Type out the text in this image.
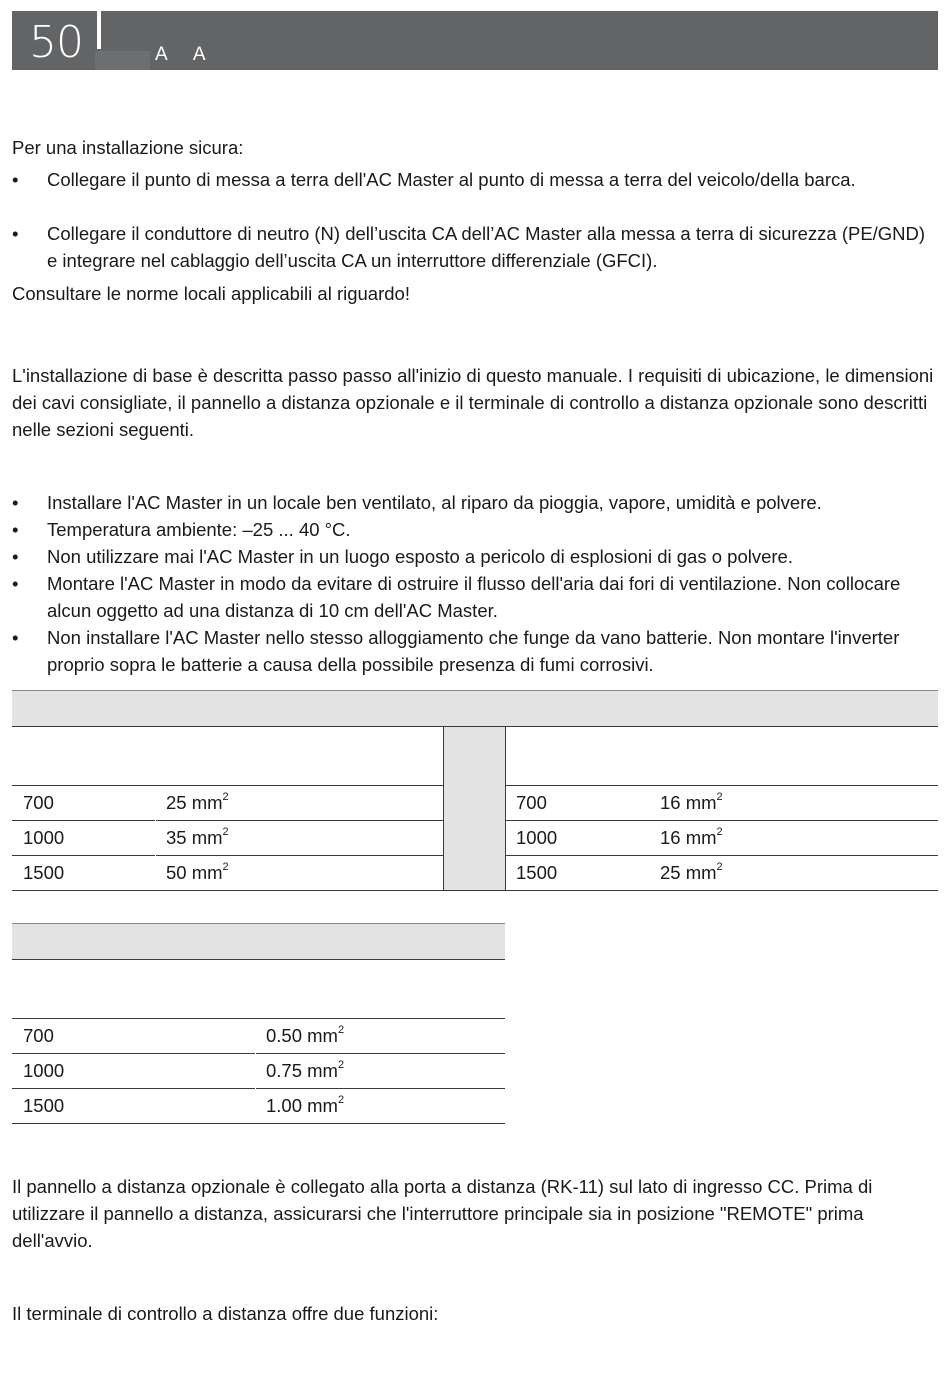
50	A A

Per una installazione sicura:

• Collegare il punto di messa a terra dell'AC Master al punto di messa a terra del veicolo/della barca.
• Collegare il conduttore di neutro (N) dell’uscita CA dell’AC Master alla messa a terra di sicurezza (PE/GND) e integrare nel cablaggio dell’uscita CA un interruttore differenziale (GFCI).

Consultare le norme locali applicabili al riguardo!

L'installazione di base è descritta passo passo all'inizio di questo manuale. I requisiti di ubicazione, le dimensioni dei cavi consigliate, il pannello a distanza opzionale e il terminale di controllo a distanza opzionale sono descritti nelle sezioni seguenti.

• Installare l'AC Master in un locale ben ventilato, al riparo da pioggia, vapore, umidità e polvere.
• Temperatura ambiente: –25 ... 40 °C.
• Non utilizzare mai l'AC Master in un luogo esposto a pericolo di esplosioni di gas o polvere.
• Montare l'AC Master in modo da evitare di ostruire il flusso dell'aria dai fori di ventilazione. Non collocare alcun oggetto ad una distanza di 10 cm dell'AC Master.
• Non installare l'AC Master nello stesso alloggiamento che funge da vano batterie. Non montare l'inverter proprio sopra le batterie a causa della possibile presenza di fumi corrosivi.
700	25 $mm^2$
1000	35 $mm^2$
1500	50 $mm^2$
700	16 $mm^2$
1000	16 $mm^2$
1500	25 $mm^2$
700	0.50 $mm^2$
1000	0.75 $mm^2$
1500	1.00 $mm^2$

Il pannello a distanza opzionale è collegato alla porta a distanza (RK-11) sul lato di ingresso CC. Prima di utilizzare il pannello a distanza, assicurarsi che l'interruttore principale sia in posizione "REMOTE" prima dell'avvio.

Il terminale di controllo a distanza offre due funzioni:
